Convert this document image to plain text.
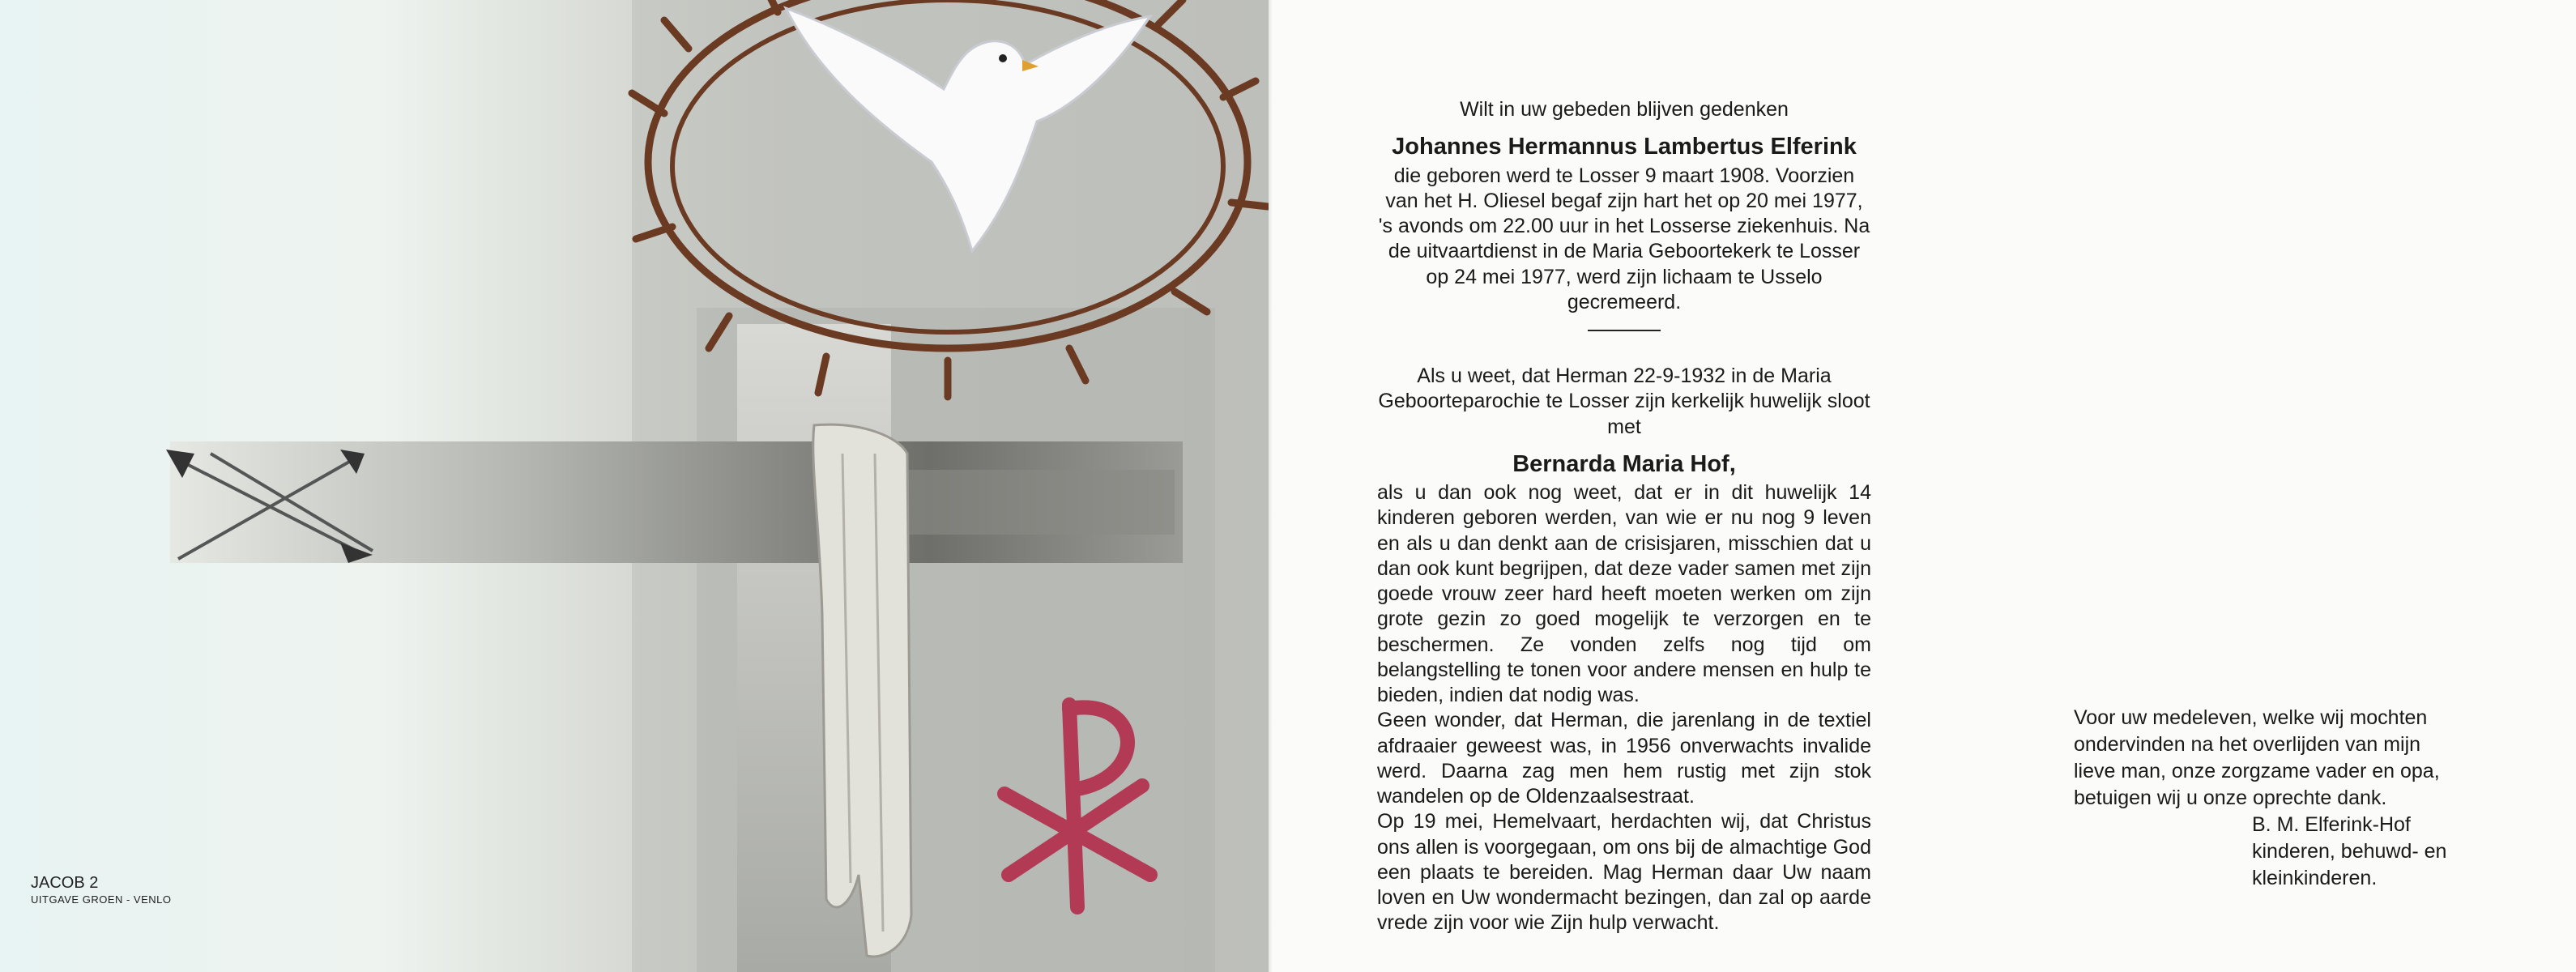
JACOB 2
UITGAVE GROEN - VENLO

Wilt in uw gebeden blijven gedenken

Johannes Hermannus Lambertus Elferink

die geboren werd te Losser 9 maart 1908. Voorzien van het H. Oliesel begaf zijn hart het op 20 mei 1977, 's avonds om 22.00 uur in het Losserse ziekenhuis. Na de uitvaartdienst in de Maria Geboortekerk te Losser op 24 mei 1977, werd zijn lichaam te Usselo gecremeerd.

Als u weet, dat Herman 22-9-1932 in de Maria Geboorteparochie te Losser zijn kerkelijk huwelijk sloot met

Bernarda Maria Hof,

als u dan ook nog weet, dat er in dit huwelijk 14 kinderen geboren werden, van wie er nu nog 9 leven en als u dan denkt aan de crisisjaren, misschien dat u dan ook kunt begrijpen, dat deze vader samen met zijn goede vrouw zeer hard heeft moeten werken om zijn grote gezin zo goed mogelijk te verzorgen en te beschermen. Ze vonden zelfs nog tijd om belangstelling te tonen voor andere mensen en hulp te bieden, indien dat nodig was.

Geen wonder, dat Herman, die jarenlang in de textiel afdraaier geweest was, in 1956 onverwachts invalide werd. Daarna zag men hem rustig met zijn stok wandelen op de Oldenzaalsestraat.

Op 19 mei, Hemelvaart, herdachten wij, dat Christus ons allen is voorgegaan, om ons bij de almachtige God een plaats te bereiden. Mag Herman daar Uw naam loven en Uw wondermacht bezingen, dan zal op aarde vrede zijn voor wie Zijn hulp verwacht.

Voor uw medeleven, welke wij mochten
ondervinden na het overlijden van mijn
lieve man, onze zorgzame vader en opa,
betuigen wij u onze oprechte dank.
B. M. Elferink-Hof
kinderen, behuwd- en
kleinkinderen.
